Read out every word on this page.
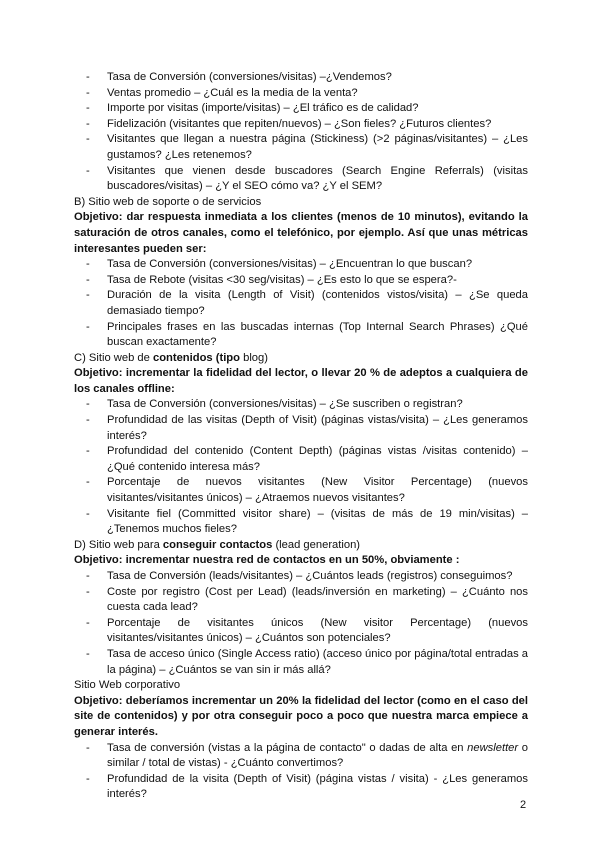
- Tasa de Conversión (conversiones/visitas) –¿Vendemos?
- Ventas promedio – ¿Cuál es la media de la venta?
- Importe por visitas (importe/visitas) – ¿El tráfico es de calidad?
- Fidelización (visitantes que repiten/nuevos) – ¿Son fieles? ¿Futuros clientes?
- Visitantes que llegan a nuestra página (Stickiness) (>2 páginas/visitantes) – ¿Les gustamos? ¿Les retenemos?
- Visitantes que vienen desde buscadores (Search Engine Referrals) (visitas buscadores/visitas) – ¿Y el SEO cómo va? ¿Y el SEM?

B) Sitio web de soporte o de servicios

Objetivo: dar respuesta inmediata a los clientes (menos de 10 minutos), evitando la saturación de otros canales, como el telefónico, por ejemplo. Así que unas métricas interesantes pueden ser:

- Tasa de Conversión (conversiones/visitas) – ¿Encuentran lo que buscan?
- Tasa de Rebote (visitas <30 seg/visitas) – ¿Es esto lo que se espera?-
- Duración de la visita (Length of Visit) (contenidos vistos/visita) – ¿Se queda demasiado tiempo?
- Principales frases en las buscadas internas (Top Internal Search Phrases) ¿Qué buscan exactamente?

C) Sitio web de contenidos (tipo blog)

Objetivo: incrementar la fidelidad del lector, o llevar 20 % de adeptos a cualquiera de los canales offline:

- Tasa de Conversión (conversiones/visitas) – ¿Se suscriben o registran?
- Profundidad de las visitas (Depth of Visit) (páginas vistas/visita) – ¿Les generamos interés?
- Profundidad del contenido (Content Depth) (páginas vistas /visitas contenido) – ¿Qué contenido interesa más?
- Porcentaje de nuevos visitantes (New Visitor Percentage) (nuevos visitantes/visitantes únicos) – ¿Atraemos nuevos visitantes?
- Visitante fiel (Committed visitor share) – (visitas de más de 19 min/visitas) – ¿Tenemos muchos fieles?

D) Sitio web para conseguir contactos (lead generation)

Objetivo: incrementar nuestra red de contactos en un 50%, obviamente :

- Tasa de Conversión (leads/visitantes) – ¿Cuántos leads (registros) conseguimos?
- Coste por registro (Cost per Lead) (leads/inversión en marketing) – ¿Cuánto nos cuesta cada lead?
- Porcentaje de visitantes únicos (New visitor Percentage) (nuevos visitantes/visitantes únicos) – ¿Cuántos son potenciales?
- Tasa de acceso único (Single Access ratio) (acceso único por página/total entradas a la página) – ¿Cuántos se van sin ir más allá?

Sitio Web corporativo

Objetivo: deberíamos incrementar un 20% la fidelidad del lector (como en el caso del site de contenidos) y por otra conseguir poco a poco que nuestra marca empiece a generar interés.

- Tasa de conversión (vistas a la página de contacto" o dadas de alta en newsletter o similar / total de vistas) - ¿Cuánto convertimos?
- Profundidad de la visita (Depth of Visit) (página vistas / visita) - ¿Les generamos interés?
2
